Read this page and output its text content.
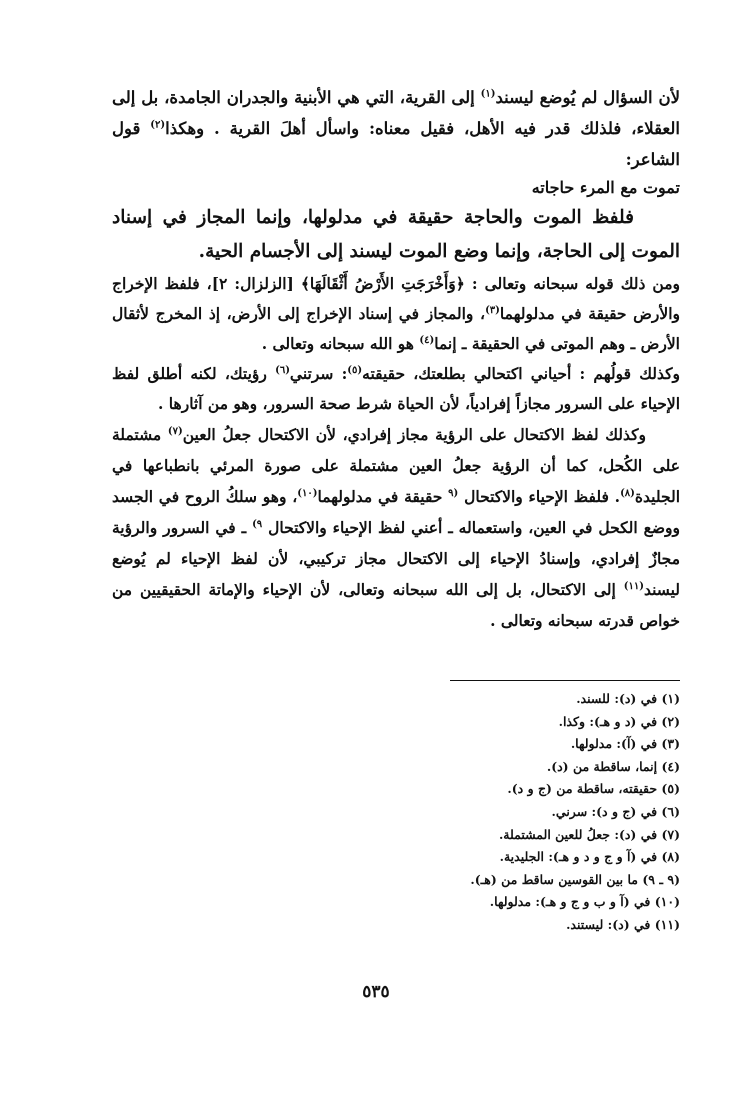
لأن السؤال لم يُوضع ليسند$^{(١)}$ إلى القرية، التي هي الأبنية والجدران الجامدة، بل إلى العقلاء، فلذلك قدر فيه الأهل، فقيل معناه: واسأل أهلَ القرية . وهكذا$^{(٢)}$ قول الشاعر:

تموت مع المرء حاجاته

فلفظ الموت والحاجة حقيقة في مدلولها، وإنما المجاز في إسناد الموت إلى الحاجة، وإنما وضع الموت ليسند إلى الأجسام الحية.

ومن ذلك قوله سبحانه وتعالى : ﴿وَأَخْرَجَتِ الأَرْضُ أَثْقَالَهَا﴾ [الزلزال: ٢]، فلفظ الإخراج والأرض حقيقة في مدلولهما$^{(٣)}$، والمجاز في إسناد الإخراج إلى الأرض، إذ المخرج لأثقال الأرض ـ وهم الموتى في الحقيقة ـ إنما$^{(٤)}$ هو الله سبحانه وتعالى .

وكذلك قولُهم : أحياني اكتحالي بطلعتك، حقيقته$^{(٥)}$: سرتني$^{(٦)}$ رؤيتك، لكنه أطلق لفظ الإحياء على السرور مجازاً إفرادياً، لأن الحياة شرط صحة السرور، وهو من آثارها .

وكذلك لفظ الاكتحال على الرؤية مجاز إفرادي، لأن الاكتحال جعلُ العين$^{(٧)}$ مشتملة على الكُحل، كما أن الرؤية جعلُ العين مشتملة على صورة المرئي بانطباعها في الجليدة$^{(٨)}$. فلفظ الإحياء والاكتحال $^{(٩}$ حقيقة في مدلولهما$^{(١٠)}$، وهو سلكُ الروح في الجسد ووضع الكحل في العين، واستعماله ـ أعني لفظ الإحياء والاكتحال $^{٩)}$ ـ في السرور والرؤية مجازٌ إفرادي، وإسنادُ الإحياء إلى الاكتحال مجاز تركيبي، لأن لفظ الإحياء لم يُوضع ليسند$^{(١١)}$ إلى الاكتحال، بل إلى الله سبحانه وتعالى، لأن الإحياء والإماتة الحقيقيين من خواص قدرته سبحانه وتعالى .

(١) في (د): للسند.
(٢) في (د و هـ): وكذا.
(٣) في (آ): مدلولها.
(٤) إنما، ساقطة من (د).
(٥) حقيقته، ساقطة من (ج و د).
(٦) في (ج و د): سرني.
(٧) في (د): جعلُ للعين المشتملة.
(٨) في (آ و ج و د و هـ): الجليدية.
(٩ ـ ٩) ما بين القوسين ساقط من (هـ).
(١٠) في (آ و ب و ج و هـ): مدلولها.
(١١) في (د): ليستند.
٥٣٥
